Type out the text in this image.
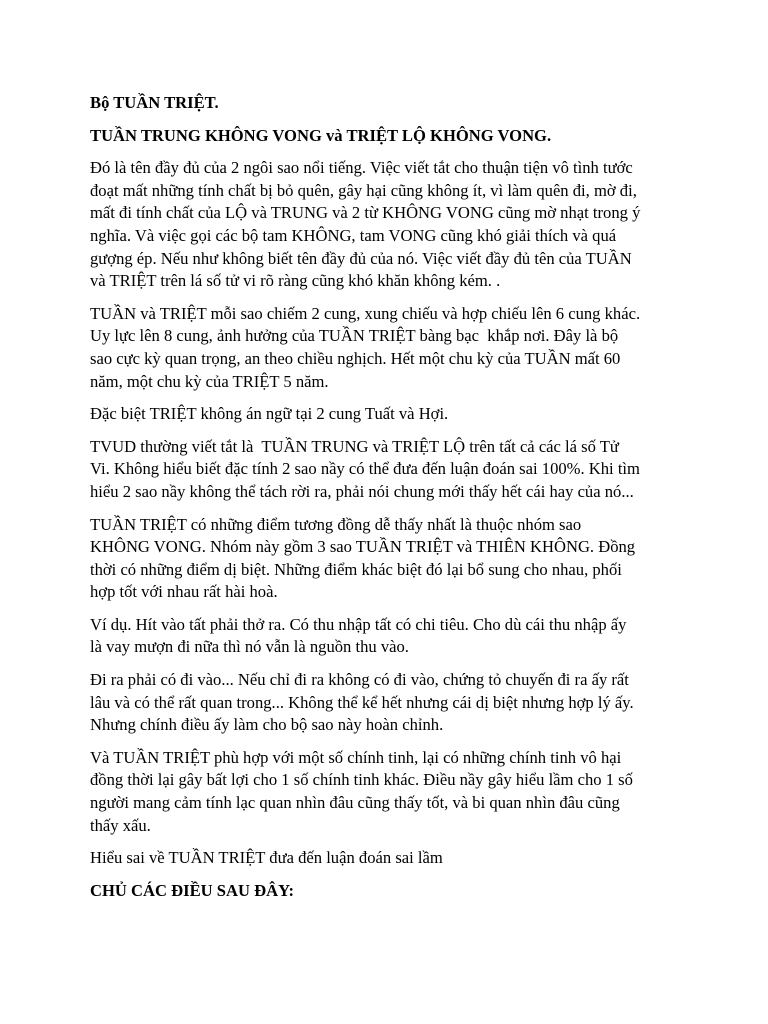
Bộ TUẦN TRIỆT.
TUẦN TRUNG KHÔNG VONG và TRIỆT LỘ KHÔNG VONG.
Đó là tên đầy đủ của 2 ngôi sao nổi tiếng. Việc viết tắt cho thuận tiện vô tình tước
đoạt mất những tính chất bị bỏ quên, gây hại cũng không ít, vì làm quên đi, mờ đi,
mất đi tính chất của LỘ và TRUNG và 2 từ KHÔNG VONG cũng mờ nhạt trong ý
nghĩa. Và việc gọi các bộ tam KHÔNG, tam VONG cũng khó giải thích và quá
gượng ép. Nếu như không biết tên đầy đủ của nó. Việc viết đầy đủ tên của TUẦN
và TRIỆT trên lá số tử vi rõ ràng cũng khó khăn không kém. .
TUẦN và TRIỆT mỗi sao chiếm 2 cung, xung chiếu và hợp chiếu lên 6 cung khác.
Uy lực lên 8 cung, ảnh hưởng của TUẦN TRIỆT bàng bạc  khắp nơi. Đây là bộ
sao cực kỳ quan trọng, an theo chiều nghịch. Hết một chu kỳ của TUẦN mất 60
năm, một chu kỳ của TRIỆT 5 năm.
Đặc biệt TRIỆT không án ngữ tại 2 cung Tuất và Hợi.
TVUD thường viết tắt là  TUẦN TRUNG và TRIỆT LỘ trên tất cả các lá số Tử
Vi. Không hiểu biết đặc tính 2 sao nầy có thể đưa đến luận đoán sai 100%. Khi tìm
hiểu 2 sao nầy không thể tách rời ra, phải nói chung mới thấy hết cái hay của nó...
TUẦN TRIỆT có những điểm tương đồng dễ thấy nhất là thuộc nhóm sao
KHÔNG VONG. Nhóm này gồm 3 sao TUẦN TRIỆT và THIÊN KHÔNG. Đồng
thời có những điểm dị biệt. Những điểm khác biệt đó lại bổ sung cho nhau, phối
hợp tốt với nhau rất hài hoà.
Ví dụ. Hít vào tất phải thở ra. Có thu nhập tất có chi tiêu. Cho dù cái thu nhập ấy
là vay mượn đi nữa thì nó vẫn là nguồn thu vào.
Đi ra phải có đi vào... Nếu chỉ đi ra không có đi vào, chứng tỏ chuyến đi ra ấy rất
lâu và có thể rất quan trong... Không thể kể hết nhưng cái dị biệt nhưng hợp lý ấy.
Nhưng chính điều ấy làm cho bộ sao này hoàn chỉnh.
Và TUẦN TRIỆT phù hợp với một số chính tinh, lại có những chính tinh vô hại
đồng thời lại gây bất lợi cho 1 số chính tinh khác. Điều nầy gây hiểu lầm cho 1 số
người mang cảm tính lạc quan nhìn đâu cũng thấy tốt, và bi quan nhìn đâu cũng
thấy xấu.
Hiểu sai về TUẦN TRIỆT đưa đến luận đoán sai lầm
CHỦ CÁC ĐIỀU SAU ĐÂY:
